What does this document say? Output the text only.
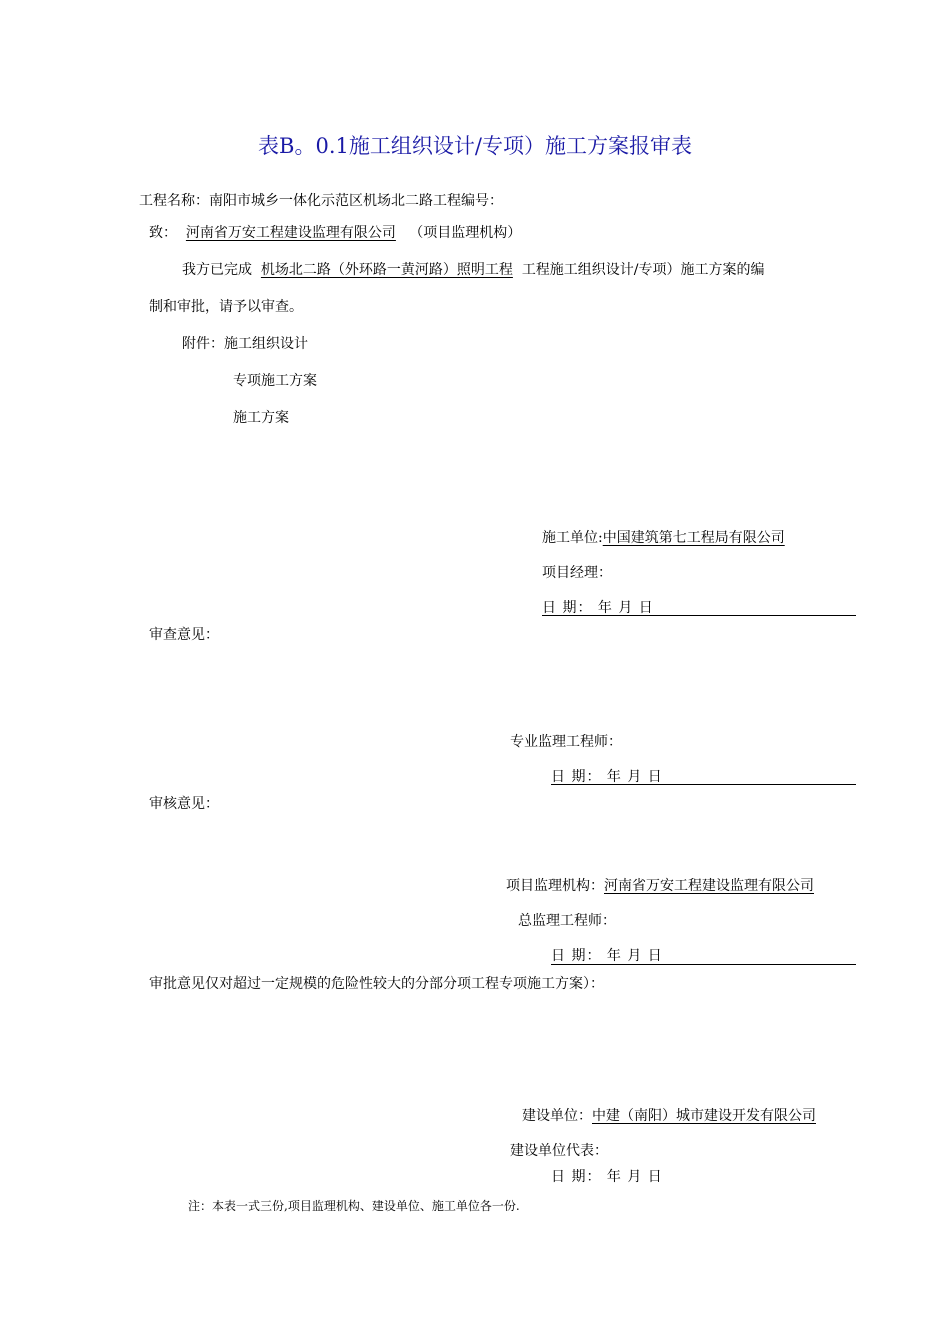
表B。0.1施工组织设计/专项）施工方案报审表
工程名称：南阳市城乡一体化示范区机场北二路工程编号：
致： 河南省万安工程建设监理有限公司 （项目监理机构）
我方已完成 机场北二路（外环路一黄河路）照明工程 工程施工组织设计/专项）施工方案的编
制和审批，请予以审查。
附件：施工组织设计
专项施工方案
施工方案
施工单位:中国建筑第七工程局有限公司
项目经理：
日 期： 年 月 日
审查意见：
专业监理工程师：
日 期： 年 月 日
审核意见：
项目监理机构：河南省万安工程建设监理有限公司
总监理工程师：
日 期： 年 月 日
审批意见仅对超过一定规模的危险性较大的分部分项工程专项施工方案）：
建设单位：中建（南阳）城市建设开发有限公司
建设单位代表：
日 期： 年 月 日
注：本表一式三份,项目监理机构、建设单位、施工单位各一份.
